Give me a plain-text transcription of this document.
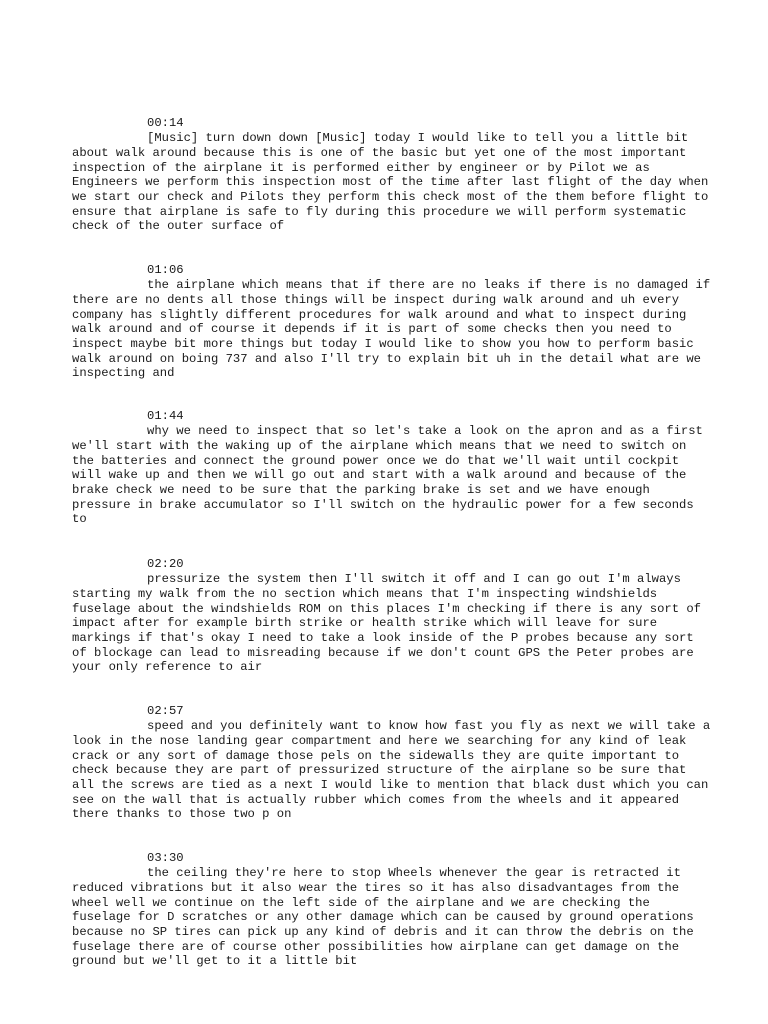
00:14

[Music] turn down down [Music] today I would like to tell you a little bit about walk around because this is one of the basic but yet one of the most important inspection of the airplane it is performed either by engineer or by Pilot we as Engineers we perform this inspection most of the time after last flight of the day when we start our check and Pilots they perform this check most of the them before flight to ensure that airplane is safe to fly during this procedure we will perform systematic check of the outer surface of

01:06

the airplane which means that if there are no leaks if there is no damaged if there are no dents all those things will be inspect during walk around and uh every company has slightly different procedures for walk around and what to inspect during walk around and of course it depends if it is part of some checks then you need to inspect maybe bit more things but today I would like to show you how to perform basic walk around on boing 737 and also I'll try to explain bit uh in the detail what are we inspecting and

01:44

why we need to inspect that so let's take a look on the apron and as a first we'll start with the waking up of the airplane which means that we need to switch on the batteries and connect the ground power once we do that we'll wait until cockpit will wake up and then we will go out and start with a walk around and because of the brake check we need to be sure that the parking brake is set and we have enough pressure in brake accumulator so I'll switch on the hydraulic power for a few seconds to

02:20

pressurize the system then I'll switch it off and I can go out I'm always starting my walk from the no section which means that I'm inspecting windshields fuselage about the windshields ROM on this places I'm checking if there is any sort of impact after for example birth strike or health strike which will leave for sure markings if that's okay I need to take a look inside of the P probes because any sort of blockage can lead to misreading because if we don't count GPS the Peter probes are your only reference to air

02:57

speed and you definitely want to know how fast you fly as next we will take a look in the nose landing gear compartment and here we searching for any kind of leak crack or any sort of damage those pels on the sidewalls they are quite important to check because they are part of pressurized structure of the airplane so be sure that all the screws are tied as a next I would like to mention that black dust which you can see on the wall that is actually rubber which comes from the wheels and it appeared there thanks to those two p on

03:30

the ceiling they're here to stop Wheels whenever the gear is retracted it reduced vibrations but it also wear the tires so it has also disadvantages from the wheel well we continue on the left side of the airplane and we are checking the fuselage for D scratches or any other damage which can be caused by ground operations because no SP tires can pick up any kind of debris and it can throw the debris on the fuselage there are of course other possibilities how airplane can get damage on the ground but we'll get to it a little bit
